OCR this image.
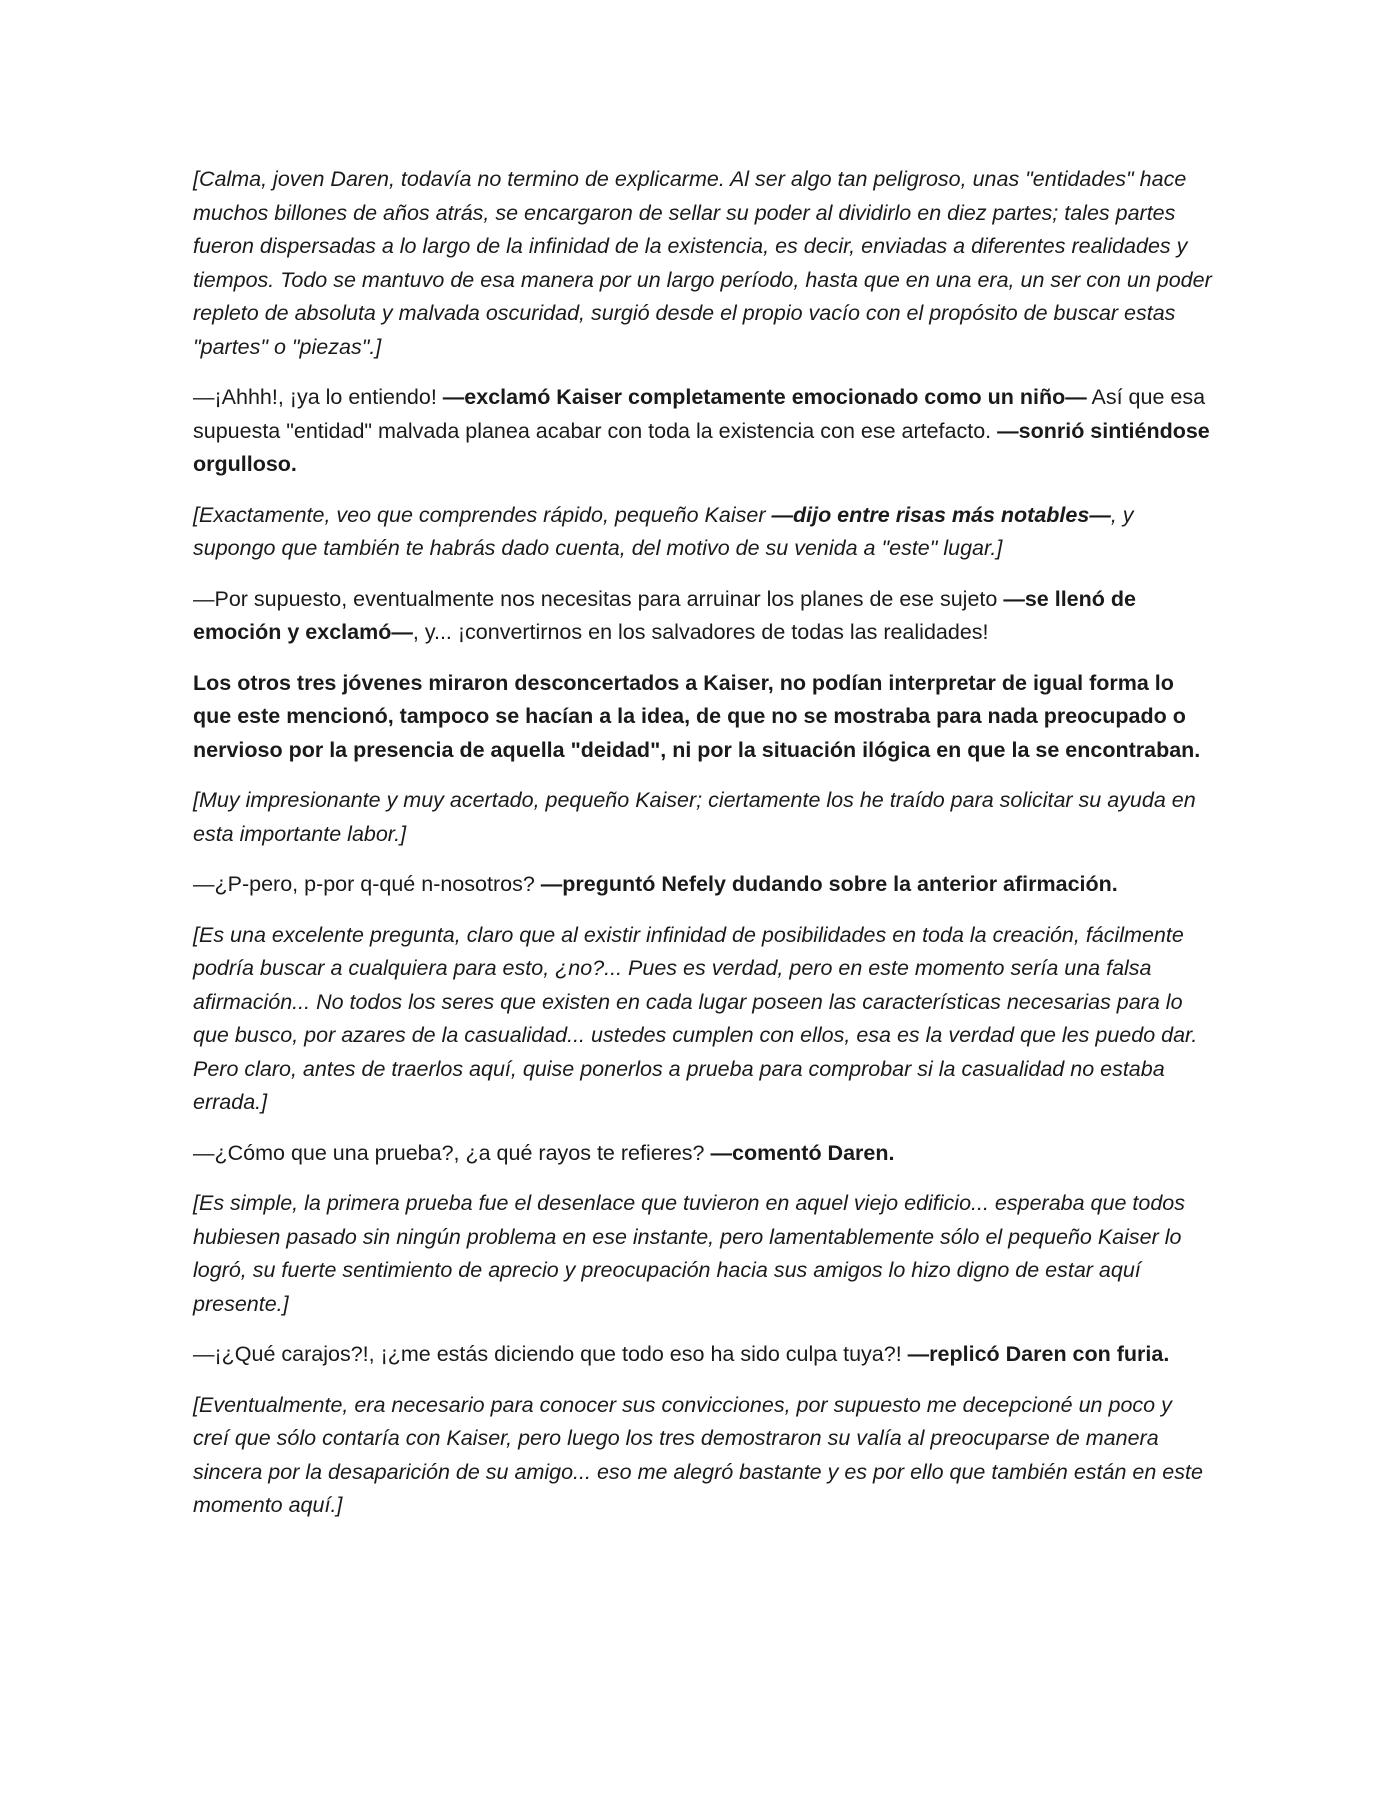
[Calma, joven Daren, todavía no termino de explicarme. Al ser algo tan peligroso, unas "entidades" hace muchos billones de años atrás, se encargaron de sellar su poder al dividirlo en diez partes; tales partes fueron dispersadas a lo largo de la infinidad de la existencia, es decir, enviadas a diferentes realidades y tiempos. Todo se mantuvo de esa manera por un largo período, hasta que en una era, un ser con un poder repleto de absoluta y malvada oscuridad, surgió desde el propio vacío con el propósito de buscar estas "partes" o "piezas".]

—¡Ahhh!, ¡ya lo entiendo! —exclamó Kaiser completamente emocionado como un niño— Así que esa supuesta "entidad" malvada planea acabar con toda la existencia con ese artefacto. —sonrió sintiéndose orgulloso.

[Exactamente, veo que comprendes rápido, pequeño Kaiser —dijo entre risas más notables—, y supongo que también te habrás dado cuenta, del motivo de su venida a "este" lugar.]

—Por supuesto, eventualmente nos necesitas para arruinar los planes de ese sujeto —se llenó de emoción y exclamó—, y... ¡convertirnos en los salvadores de todas las realidades!

Los otros tres jóvenes miraron desconcertados a Kaiser, no podían interpretar de igual forma lo que este mencionó, tampoco se hacían a la idea, de que no se mostraba para nada preocupado o nervioso por la presencia de aquella "deidad", ni por la situación ilógica en que la se encontraban.

[Muy impresionante y muy acertado, pequeño Kaiser; ciertamente los he traído para solicitar su ayuda en esta importante labor.]

—¿P-pero, p-por q-qué n-nosotros? —preguntó Nefely dudando sobre la anterior afirmación.

[Es una excelente pregunta, claro que al existir infinidad de posibilidades en toda la creación, fácilmente podría buscar a cualquiera para esto, ¿no?... Pues es verdad, pero en este momento sería una falsa afirmación... No todos los seres que existen en cada lugar poseen las características necesarias para lo que busco, por azares de la casualidad... ustedes cumplen con ellos, esa es la verdad que les puedo dar. Pero claro, antes de traerlos aquí, quise ponerlos a prueba para comprobar si la casualidad no estaba errada.]

—¿Cómo que una prueba?, ¿a qué rayos te refieres? —comentó Daren.

[Es simple, la primera prueba fue el desenlace que tuvieron en aquel viejo edificio... esperaba que todos hubiesen pasado sin ningún problema en ese instante, pero lamentablemente sólo el pequeño Kaiser lo logró, su fuerte sentimiento de aprecio y preocupación hacia sus amigos lo hizo digno de estar aquí presente.]

—¡¿Qué carajos?!, ¡¿me estás diciendo que todo eso ha sido culpa tuya?! —replicó Daren con furia.

[Eventualmente, era necesario para conocer sus convicciones, por supuesto me decepcioné un poco y creí que sólo contaría con Kaiser, pero luego los tres demostraron su valía al preocuparse de manera sincera por la desaparición de su amigo... eso me alegró bastante y es por ello que también están en este momento aquí.]
